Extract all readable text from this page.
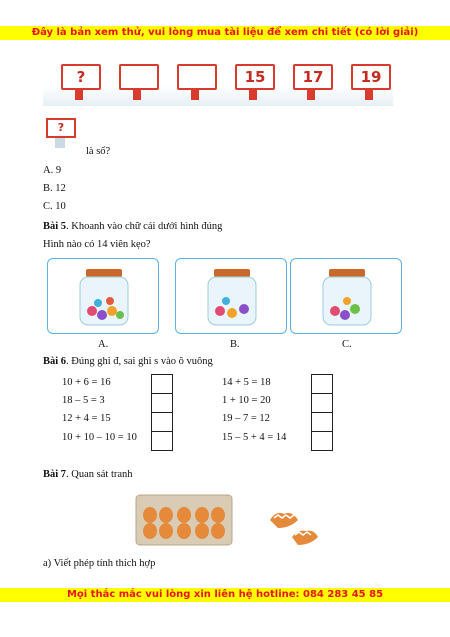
Đây là bản xem thử, vui lòng mua tài liệu để xem chi tiết (có lời giải)
?	15	17	19
?
là số?
A. 9
B. 12
C. 10
Bài 5. Khoanh vào chữ cái dưới hình đúng
Hình nào có 14 viên kẹo?
A.	B.	C.
Bài 6. Đúng ghi đ, sai ghi s vào ô vuông
10 + 6 = 16
18 – 5 = 3
12 + 4 = 15
10 + 10 – 10 = 10
14 + 5 = 18
1 + 10 = 20
19 – 7 = 12
15 – 5 + 4 = 14
Bài 7. Quan sát tranh
a) Viết phép tính thích hợp
Mọi thắc mắc vui lòng xin liên hệ hotline: 084 283 45 85
